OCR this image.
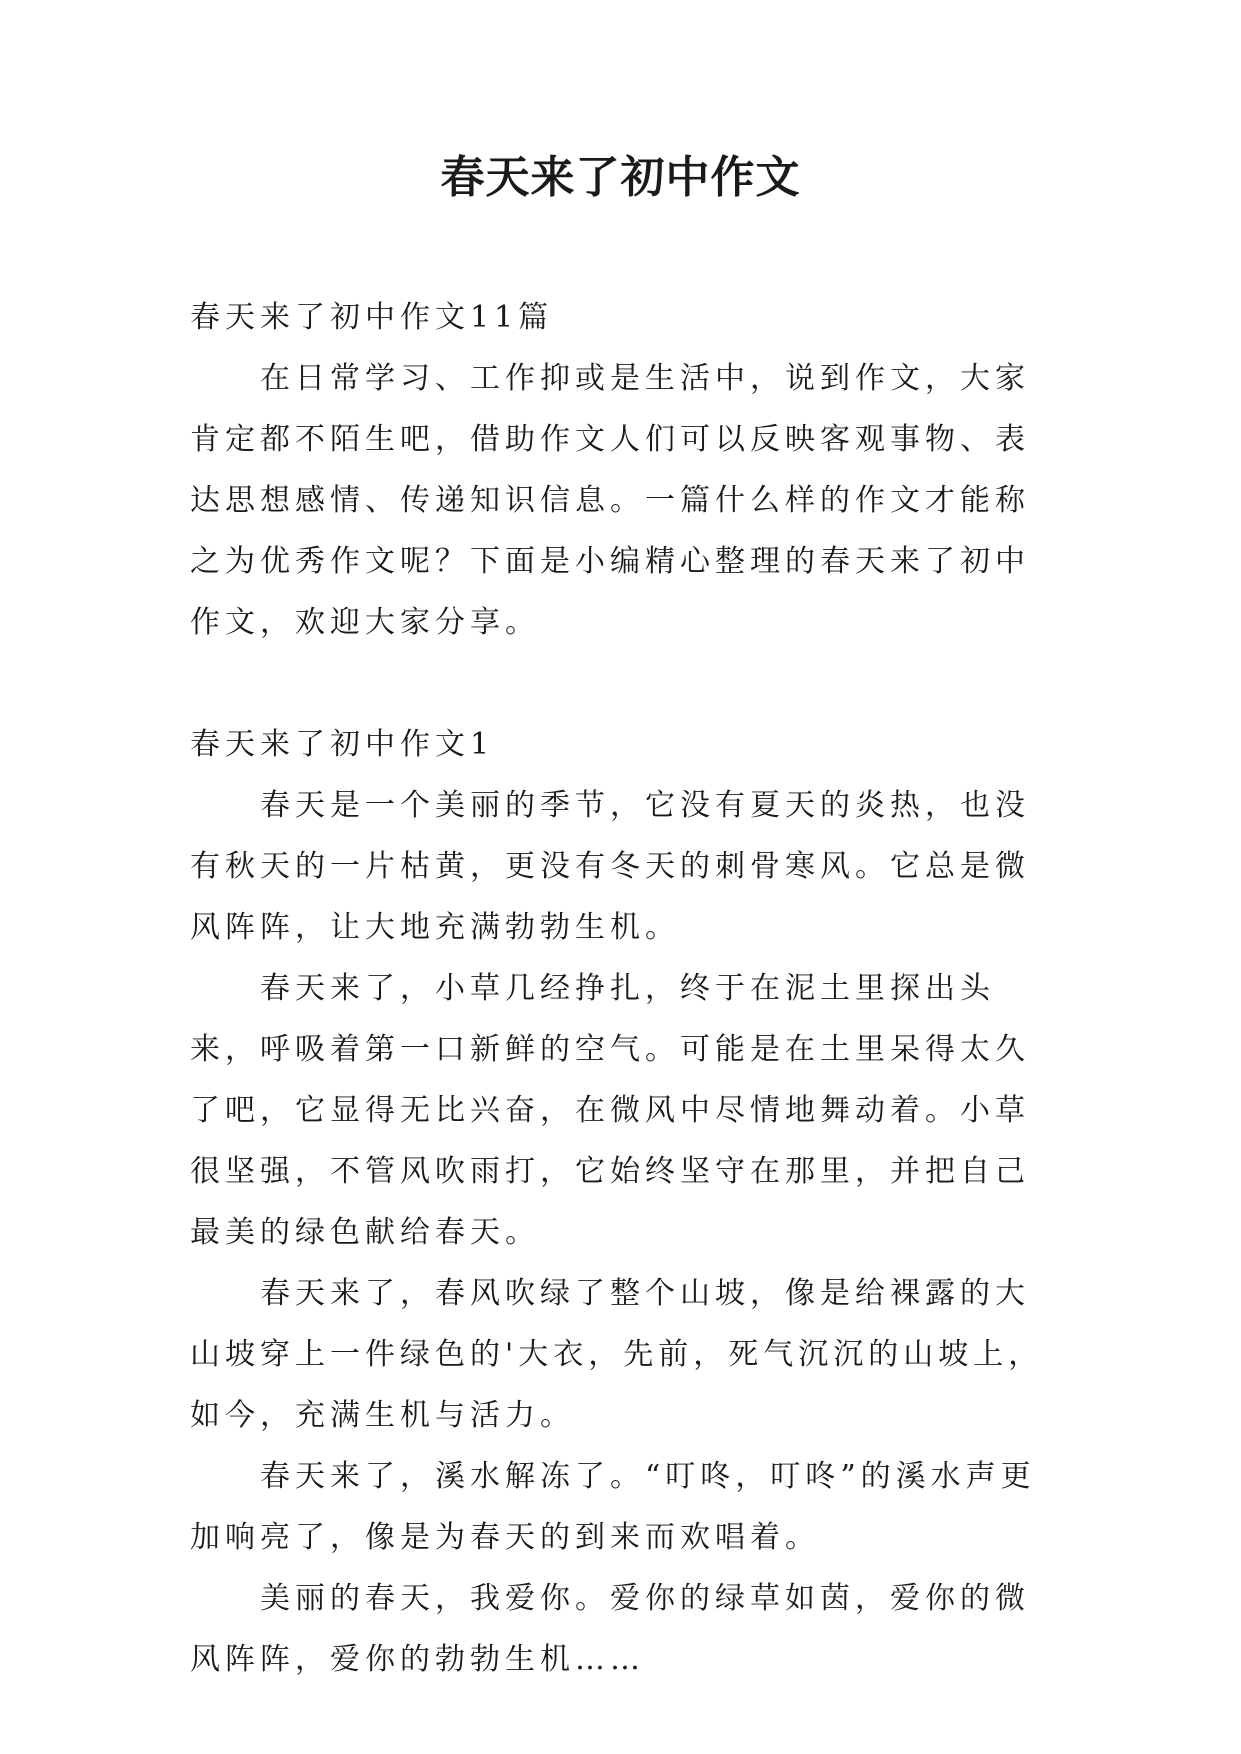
春天来了初中作文

春天来了初中作文11篇

在日常学习、工作抑或是生活中，说到作文，大家肯定都不陌生吧，借助作文人们可以反映客观事物、表达思想感情、传递知识信息。一篇什么样的作文才能称之为优秀作文呢？下面是小编精心整理的春天来了初中作文，欢迎大家分享。

春天来了初中作文1

春天是一个美丽的季节，它没有夏天的炎热，也没有秋天的一片枯黄，更没有冬天的刺骨寒风。它总是微风阵阵，让大地充满勃勃生机。

春天来了，小草几经挣扎，终于在泥土里探出头来，呼吸着第一口新鲜的空气。可能是在土里呆得太久了吧，它显得无比兴奋，在微风中尽情地舞动着。小草很坚强，不管风吹雨打，它始终坚守在那里，并把自己最美的绿色献给春天。

春天来了，春风吹绿了整个山坡，像是给裸露的大山坡穿上一件绿色的'大衣，先前，死气沉沉的山坡上，如今，充满生机与活力。

春天来了，溪水解冻了。“叮咚，叮咚”的溪水声更加响亮了，像是为春天的到来而欢唱着。

美丽的春天，我爱你。爱你的绿草如茵，爱你的微风阵阵，爱你的勃勃生机……
